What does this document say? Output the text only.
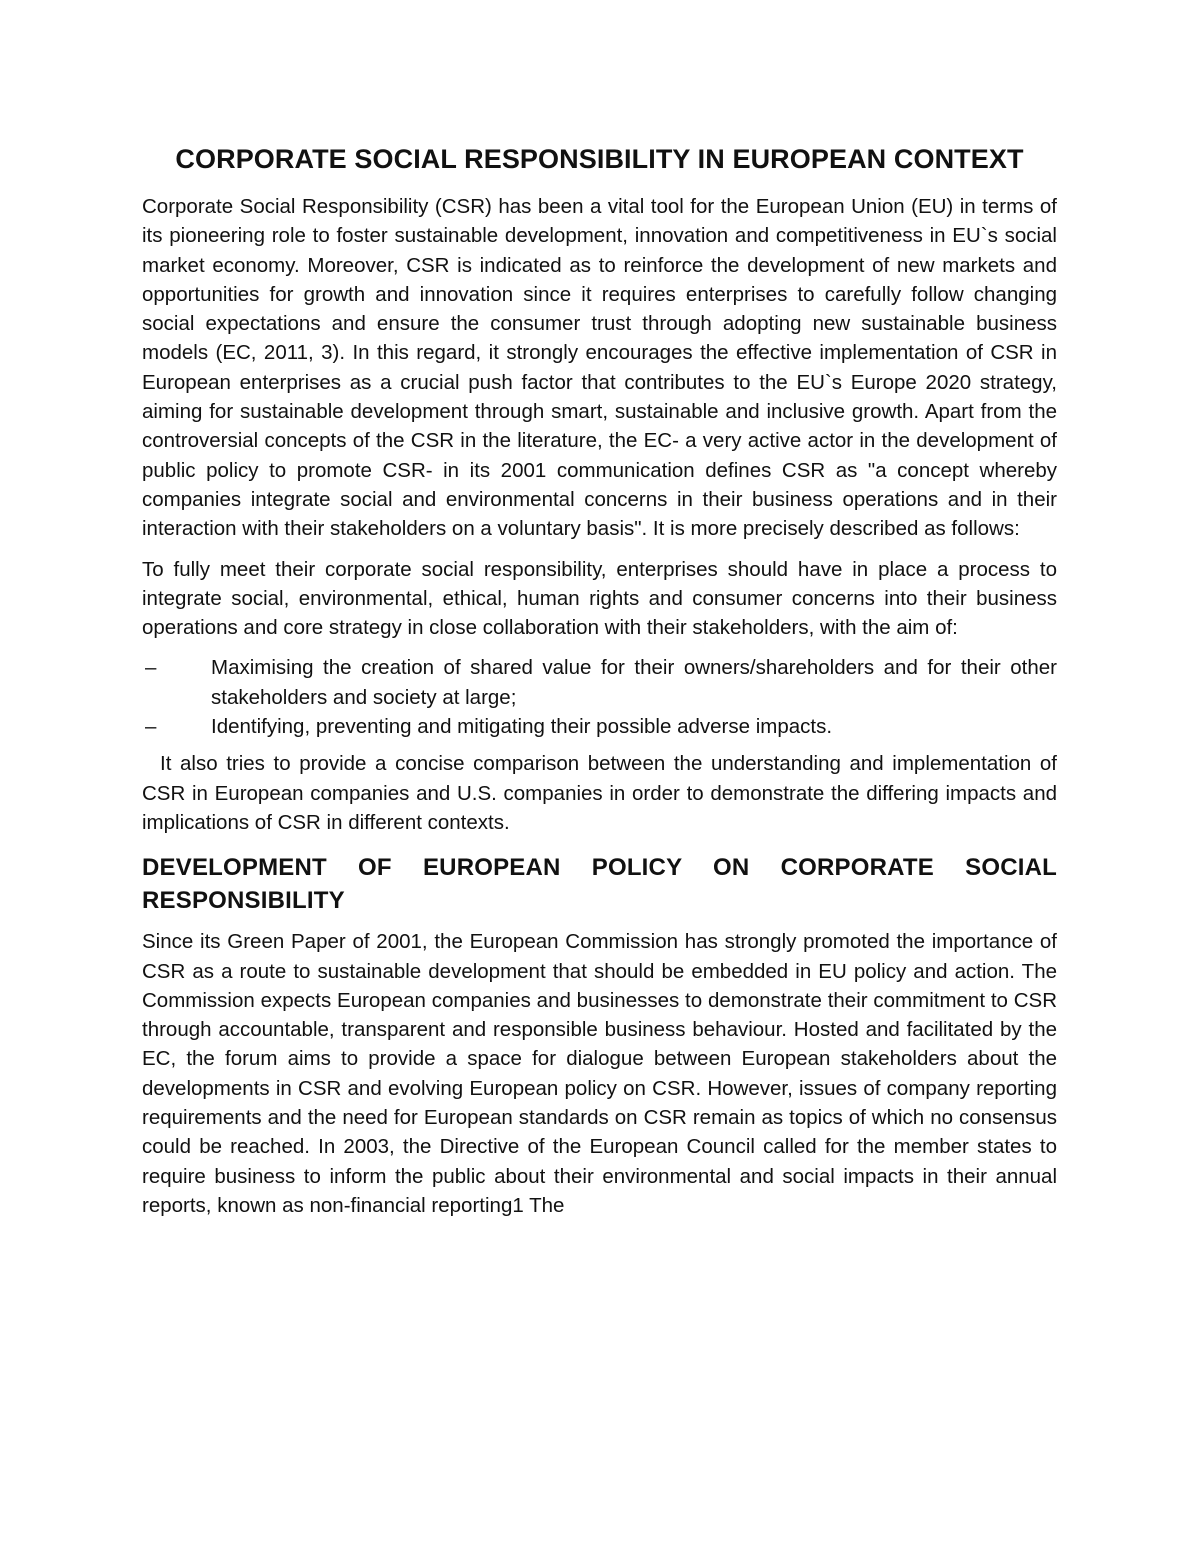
CORPORATE SOCIAL RESPONSIBILITY IN EUROPEAN CONTEXT

Corporate Social Responsibility (CSR) has been a vital tool for the European Union (EU) in terms of its pioneering role to foster sustainable development, innovation and competitiveness in EU`s social market economy. Moreover, CSR is indicated as to reinforce the development of new markets and opportunities for growth and innovation since it requires enterprises to carefully follow changing social expectations and ensure the consumer trust through adopting new sustainable business models (EC, 2011, 3). In this regard, it strongly encourages the effective implementation of CSR in European enterprises as a crucial push factor that contributes to the EU`s Europe 2020 strategy, aiming for sustainable development through smart, sustainable and inclusive growth. Apart from the controversial concepts of the CSR in the literature, the EC- a very active actor in the development of public policy to promote CSR- in its 2001 communication defines CSR as "a concept whereby companies integrate social and environmental concerns in their business operations and in their interaction with their stakeholders on a voluntary basis". It is more precisely described as follows:

To fully meet their corporate social responsibility, enterprises should have in place a process to integrate social, environmental, ethical, human rights and consumer concerns into their business operations and core strategy in close collaboration with their stakeholders, with the aim of:

–	Maximising the creation of shared value for their owners/shareholders and for their other stakeholders and society at large;
–	Identifying, preventing and mitigating their possible adverse impacts.

It also tries to provide a concise comparison between the understanding and implementation of CSR in European companies and U.S. companies in order to demonstrate the differing impacts and implications of CSR in different contexts.

DEVELOPMENT OF EUROPEAN POLICY ON CORPORATE SOCIAL RESPONSIBILITY

Since its Green Paper of 2001, the European Commission has strongly promoted the importance of CSR as a route to sustainable development that should be embedded in EU policy and action. The Commission expects European companies and businesses to demonstrate their commitment to CSR through accountable, transparent and responsible business behaviour. Hosted and facilitated by the EC, the forum aims to provide a space for dialogue between European stakeholders about the developments in CSR and evolving European policy on CSR. However, issues of company reporting requirements and the need for European standards on CSR remain as topics of which no consensus could be reached. In 2003, the Directive of the European Council called for the member states to require business to inform the public about their environmental and social impacts in their annual reports, known as non-financial reporting1 The
